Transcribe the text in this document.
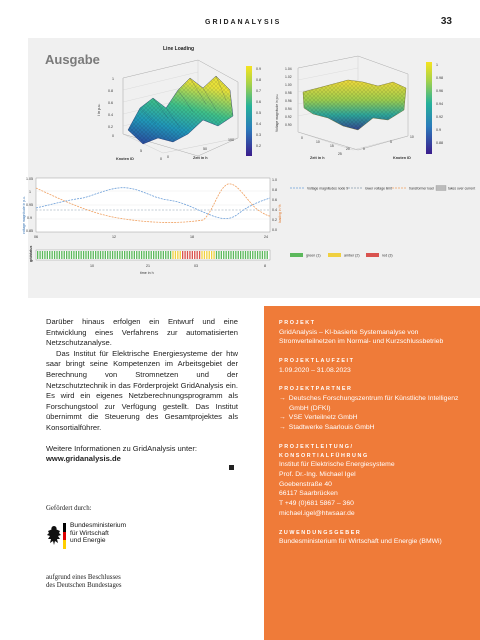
GRIDANALYSIS	33
Ausgabe
Line Loading
1
0.8
0.6
0.4
0.2
0
0
5
0
50
100
I in p.u.
Knoten ID	Zeit in h
0.9
0.8
0.7
0.6
0.5
0.4
0.3
0.2
1.04
1.02
1.00
0.98
0.96
0.94
0.92
0.90
0
10
15
20
25
0
5
10
Voltage magnitude in p.u.
Zeit in h	Knoten ID
1
0.98
0.96
0.94
0.92
0.9
0.88
1.05
1
0.95
0.9
0.85
1.0
0.8
0.6
0.4
0.2
0.0
06	12	18	24
voltage magnitude in p.u.	loading in %
Voltage magnitudes node 9	lower voltage limit	transformer load	takes over current
10	21	03	8
time in h
gridstatus	green (1)	amber (2)	red (3)

Darüber hinaus erfolgen ein Entwurf und eine Entwicklung eines Verfahrens zur automatisierten Netzschutzanalyse.

Das Institut für Elektrische Energiesysteme der htw saar bringt seine Kompetenzen im Arbeitsgebiet der Berechnung von Stromnetzen und der Netzschutztechnik in das Förderprojekt GridAnalysis ein. Es wird ein eigenes Netzberechnungsprogramm als Forschungstool zur Verfügung gestellt. Das Institut übernimmt die Steuerung des Gesamtprojektes als Konsortialführer.

Weitere Informationen zu GridAnalysis unter:

www.gridanalysis.de

Gefördert durch:
Bundesministerium
für Wirtschaft
und Energie
aufgrund eines Beschlusses
des Deutschen Bundestages
PROJEKT
GridAnalysis – KI-basierte Systemanalyse von Stromverteilnetzen im Normal- und Kurzschlussbetrieb
PROJEKTLAUFZEIT
1.09.2020 – 31.08.2023
PROJEKTPARTNER
→ Deutsches Forschungszentrum für Künstliche Intelligenz GmbH (DFKI)
→ VSE Verteilnetz GmbH
→ Stadtwerke Saarlouis GmbH
PROJEKTLEITUNG/
KONSORTIALFÜHRUNG
Institut für Elektrische Energiesysteme
Prof. Dr.-Ing. Michael Igel
Goebenstraße 40
66117 Saarbrücken
T +49 (0)681 5867 – 360
michael.igel@htwsaar.de
ZUWENDUNGSGEBER
Bundesministerium für Wirtschaft und Energie (BMWi)
